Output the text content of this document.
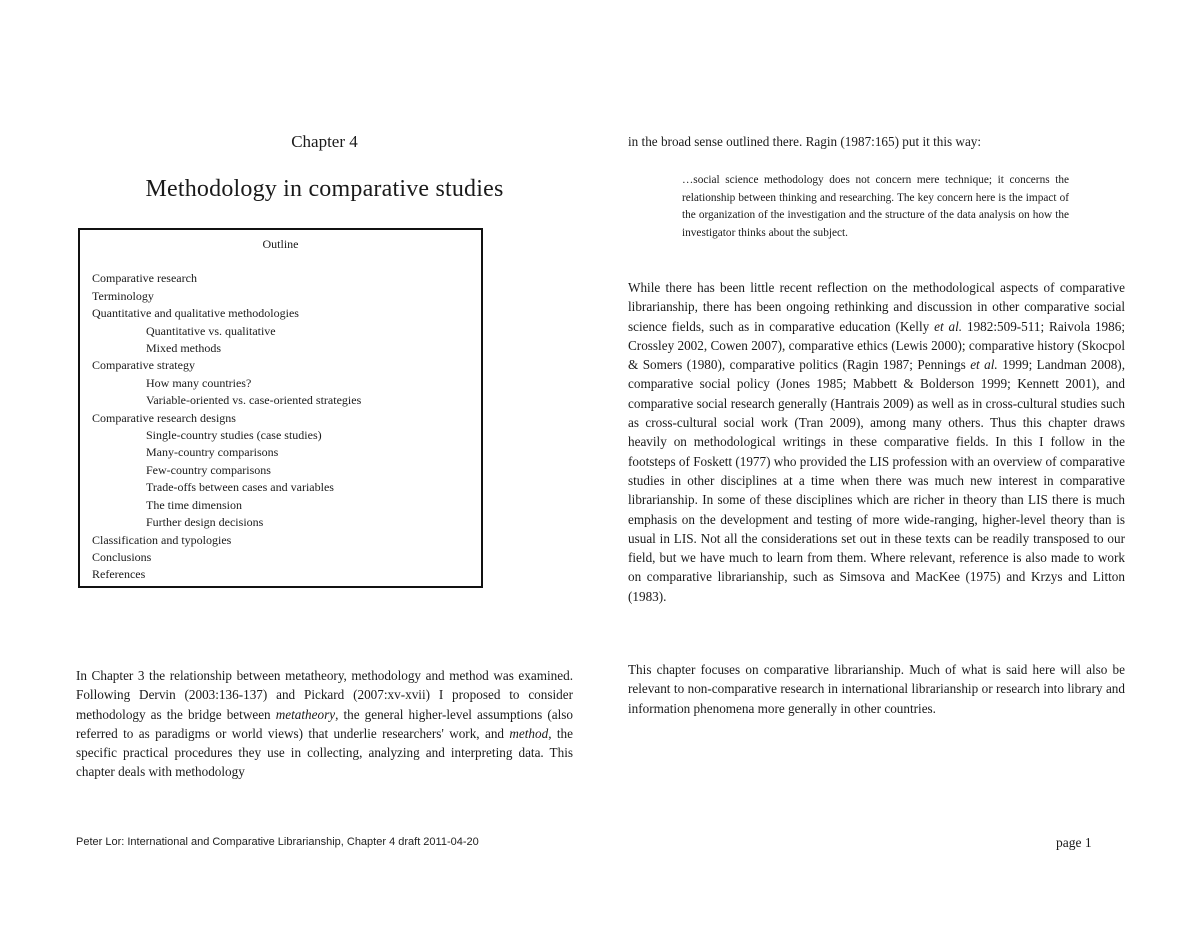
Chapter 4
Methodology in comparative studies
Outline
Comparative research
Terminology
Quantitative and qualitative methodologies
Quantitative vs. qualitative
Mixed methods
Comparative strategy
How many countries?
Variable-oriented vs. case-oriented strategies
Comparative research designs
Single-country studies (case studies)
Many-country comparisons
Few-country comparisons
Trade-offs between cases and variables
The time dimension
Further design decisions
Classification and typologies
Conclusions
References

In Chapter 3 the relationship between metatheory, methodology and method was examined. Following Dervin (2003:136-137) and Pickard (2007:xv-xvii) I proposed to consider methodology as the bridge between metatheory, the general higher-level assumptions (also referred to as paradigms or world views) that underlie researchers' work, and method, the specific practical procedures they use in collecting, analyzing and interpreting data. This chapter deals with methodology

in the broad sense outlined there. Ragin (1987:165) put it this way:

…social science methodology does not concern mere technique; it concerns the relationship between thinking and researching. The key concern here is the impact of the organization of the investigation and the structure of the data analysis on how the investigator thinks about the subject.

While there has been little recent reflection on the methodological aspects of comparative librarianship, there has been ongoing rethinking and discussion in other comparative social science fields, such as in comparative education (Kelly et al. 1982:509-511; Raivola 1986; Crossley 2002, Cowen 2007), comparative ethics (Lewis 2000); comparative history (Skocpol & Somers (1980), comparative politics (Ragin 1987; Pennings et al. 1999; Landman 2008), comparative social policy (Jones 1985; Mabbett & Bolderson 1999; Kennett 2001), and comparative social research generally (Hantrais 2009) as well as in cross-cultural studies such as cross-cultural social work (Tran 2009), among many others. Thus this chapter draws heavily on methodological writings in these comparative fields. In this I follow in the footsteps of Foskett (1977) who provided the LIS profession with an overview of comparative studies in other disciplines at a time when there was much new interest in comparative librarianship. In some of these disciplines which are richer in theory than LIS there is much emphasis on the development and testing of more wide-ranging, higher-level theory than is usual in LIS. Not all the considerations set out in these texts can be readily transposed to our field, but we have much to learn from them. Where relevant, reference is also made to work on comparative librarianship, such as Simsova and MacKee (1975) and Krzys and Litton (1983).

This chapter focuses on comparative librarianship. Much of what is said here will also be relevant to non-comparative research in international librarianship or research into library and information phenomena more generally in other countries.

Peter Lor: International and Comparative Librarianship, Chapter 4 draft 2011-04-20	page 1
